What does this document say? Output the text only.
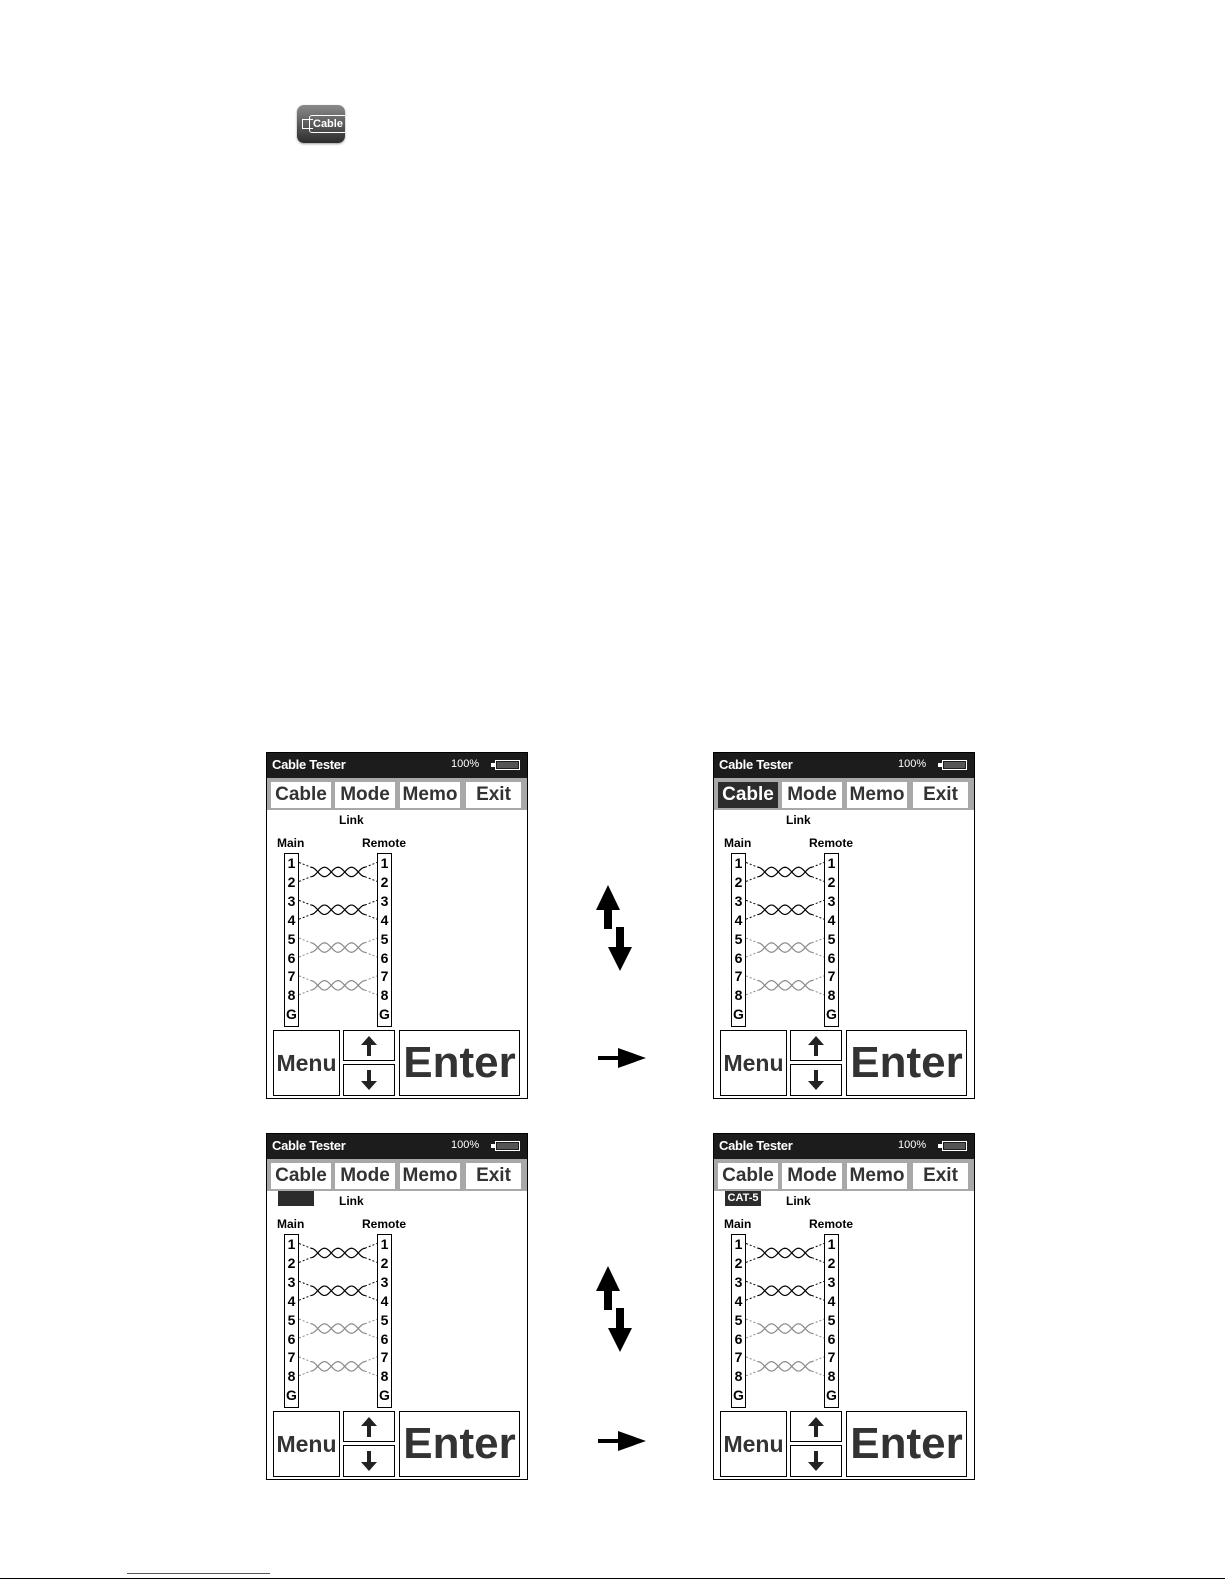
Cable
Cable Tester	100%
Cable Mode Memo Exit
Link
Main	Remote
1
2
3
4
5
6
7
8
G
1
2
3
4
5
6
7
8
G
Menu Enter
Cable Tester	100%
Cable Mode Memo Exit
Link
Main	Remote
1
2
3
4
5
6
7
8
G
1
2
3
4
5
6
7
8
G
Menu Enter
Cable Tester	100%
Cable Mode Memo Exit
Link
Main	Remote
1
2
3
4
5
6
7
8
G
1
2
3
4
5
6
7
8
G
Menu Enter
Cable Tester	100%
Cable Mode Memo Exit
CAT-5 Link
Main	Remote
1
2
3
4
5
6
7
8
G
1
2
3
4
5
6
7
8
G
Menu Enter
